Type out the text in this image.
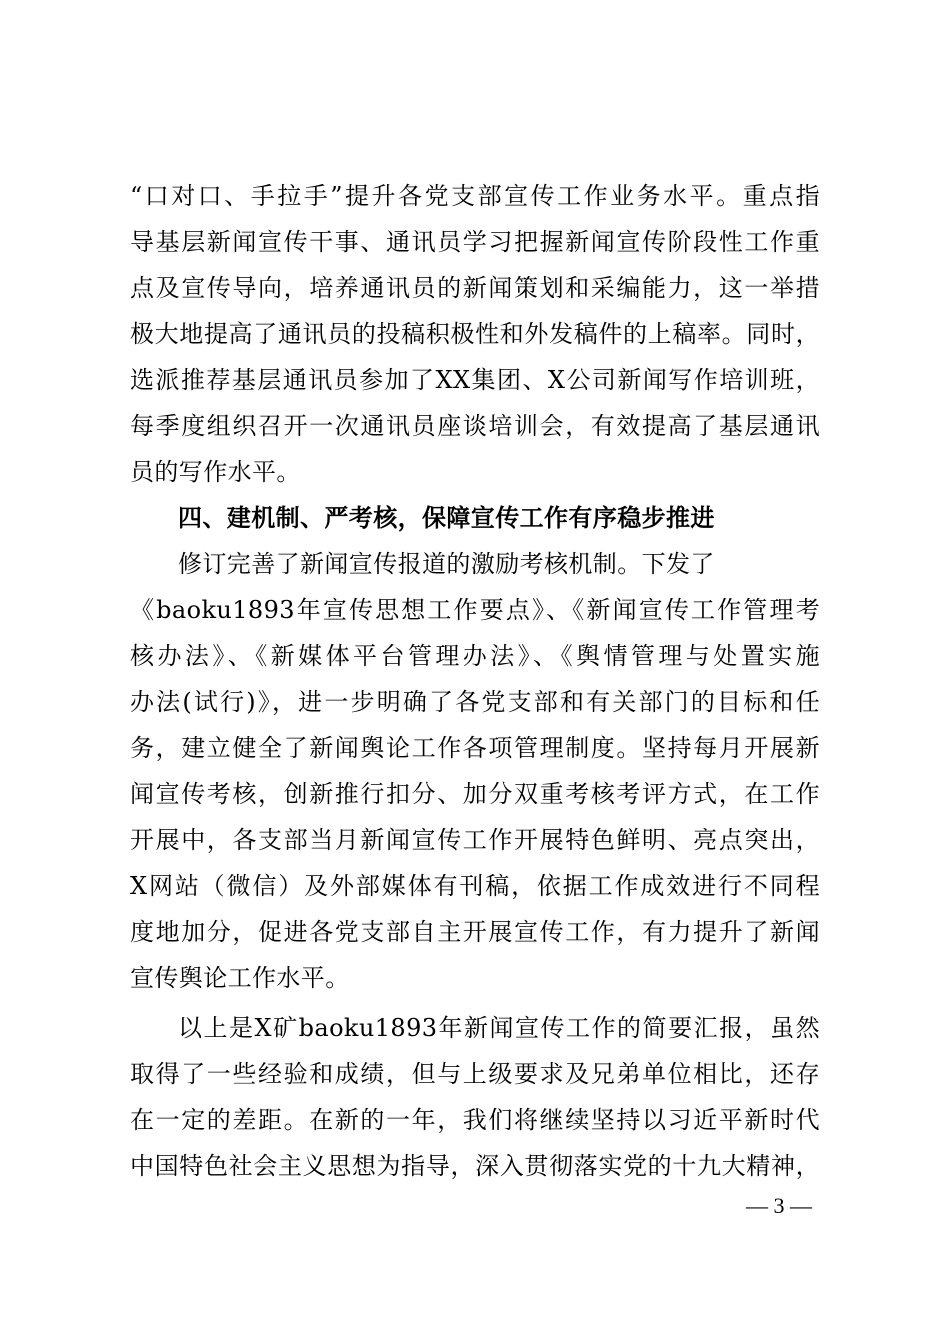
“口对口、手拉手”提升各党支部宣传工作业务水平。重点指
导基层新闻宣传干事、通讯员学习把握新闻宣传阶段性工作重
点及宣传导向，培养通讯员的新闻策划和采编能力，这一举措
极大地提高了通讯员的投稿积极性和外发稿件的上稿率。同时，
选派推荐基层通讯员参加了XX集团、X公司新闻写作培训班，
每季度组织召开一次通讯员座谈培训会，有效提高了基层通讯
员的写作水平。
四、建机制、严考核，保障宣传工作有序稳步推进
修订完善了新闻宣传报道的激励考核机制。下发了
《baoku1893年宣传思想工作要点》、《新闻宣传工作管理考
核办法》、《新媒体平台管理办法》、《舆情管理与处置实施
办法(试行)》，进一步明确了各党支部和有关部门的目标和任
务，建立健全了新闻舆论工作各项管理制度。坚持每月开展新
闻宣传考核，创新推行扣分、加分双重考核考评方式，在工作
开展中，各支部当月新闻宣传工作开展特色鲜明、亮点突出，
X网站（微信）及外部媒体有刊稿，依据工作成效进行不同程
度地加分，促进各党支部自主开展宣传工作，有力提升了新闻
宣传舆论工作水平。
以上是X矿baoku1893年新闻宣传工作的简要汇报，虽然
取得了一些经验和成绩，但与上级要求及兄弟单位相比，还存
在一定的差距。在新的一年，我们将继续坚持以习近平新时代
中国特色社会主义思想为指导，深入贯彻落实党的十九大精神，
— 3 —
